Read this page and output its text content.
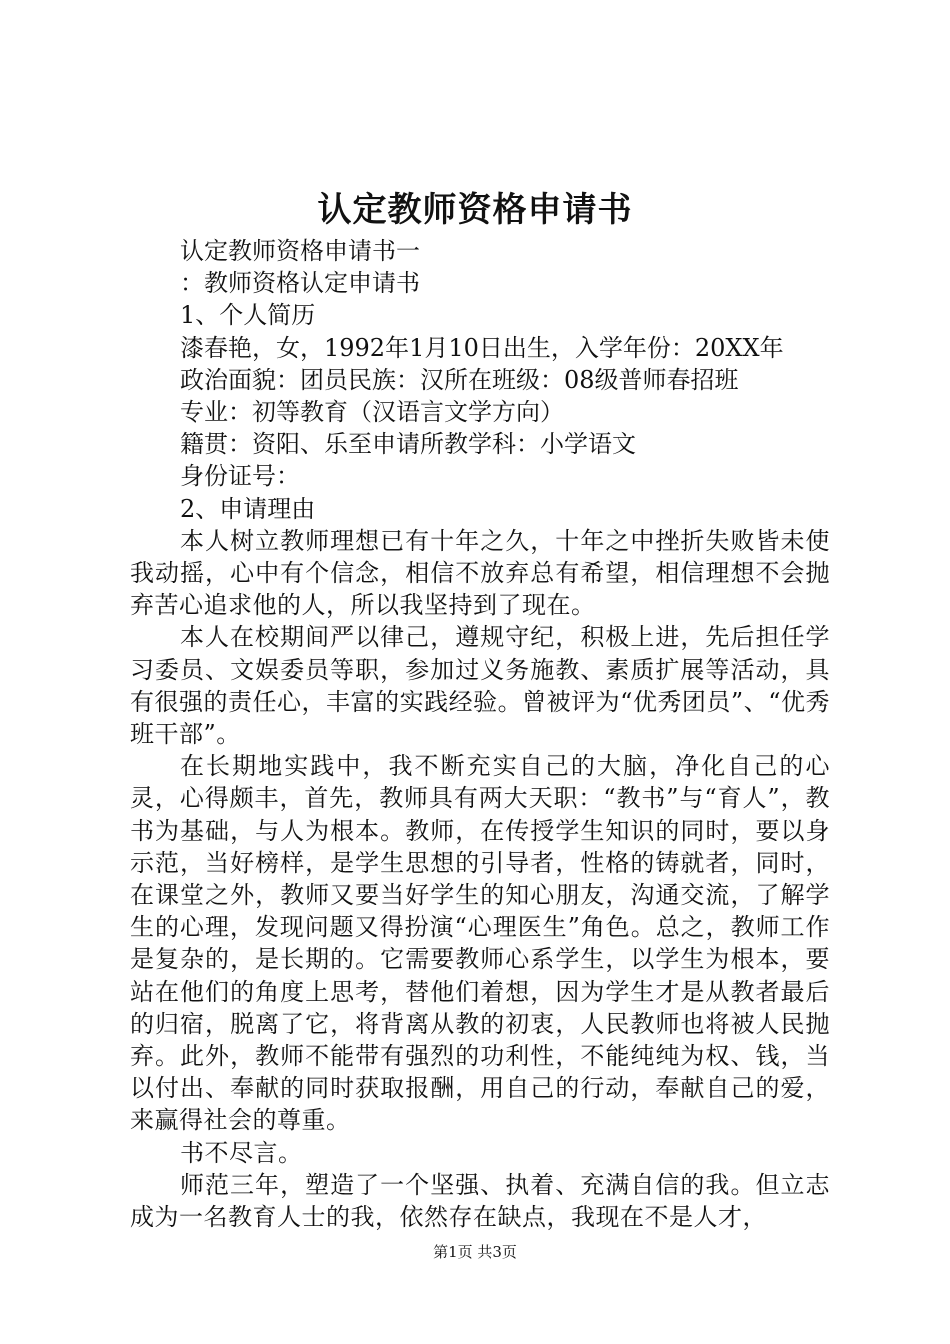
认定教师资格申请书

认定教师资格申请书一

：教师资格认定申请书

1、个人简历

漆春艳，女，1992年1月10日出生，入学年份：20XX年

政治面貌：团员民族：汉所在班级：08级普师春招班

专业：初等教育（汉语言文学方向）

籍贯：资阳、乐至申请所教学科：小学语文

身份证号：

2、申请理由

本人树立教师理想已有十年之久，十年之中挫折失败皆未使我动摇，心中有个信念，相信不放弃总有希望，相信理想不会抛弃苦心追求他的人，所以我坚持到了现在。

本人在校期间严以律己，遵规守纪，积极上进，先后担任学习委员、文娱委员等职，参加过义务施教、素质扩展等活动，具有很强的责任心，丰富的实践经验。曾被评为“优秀团员”、“优秀班干部”。

在长期地实践中，我不断充实自己的大脑，净化自己的心灵，心得颇丰，首先，教师具有两大天职：“教书”与“育人”，教书为基础，与人为根本。教师，在传授学生知识的同时，要以身示范，当好榜样，是学生思想的引导者，性格的铸就者，同时，在课堂之外，教师又要当好学生的知心朋友，沟通交流，了解学生的心理，发现问题又得扮演“心理医生”角色。总之，教师工作是复杂的，是长期的。它需要教师心系学生，以学生为根本，要站在他们的角度上思考，替他们着想，因为学生才是从教者最后的归宿，脱离了它，将背离从教的初衷，人民教师也将被人民抛弃。此外，教师不能带有强烈的功利性，不能纯纯为权、钱，当以付出、奉献的同时获取报酬，用自己的行动，奉献自己的爱，来赢得社会的尊重。

书不尽言。

师范三年，塑造了一个坚强、执着、充满自信的我。但立志成为一名教育人士的我，依然存在缺点，我现在不是人才，

第1页 共3页
